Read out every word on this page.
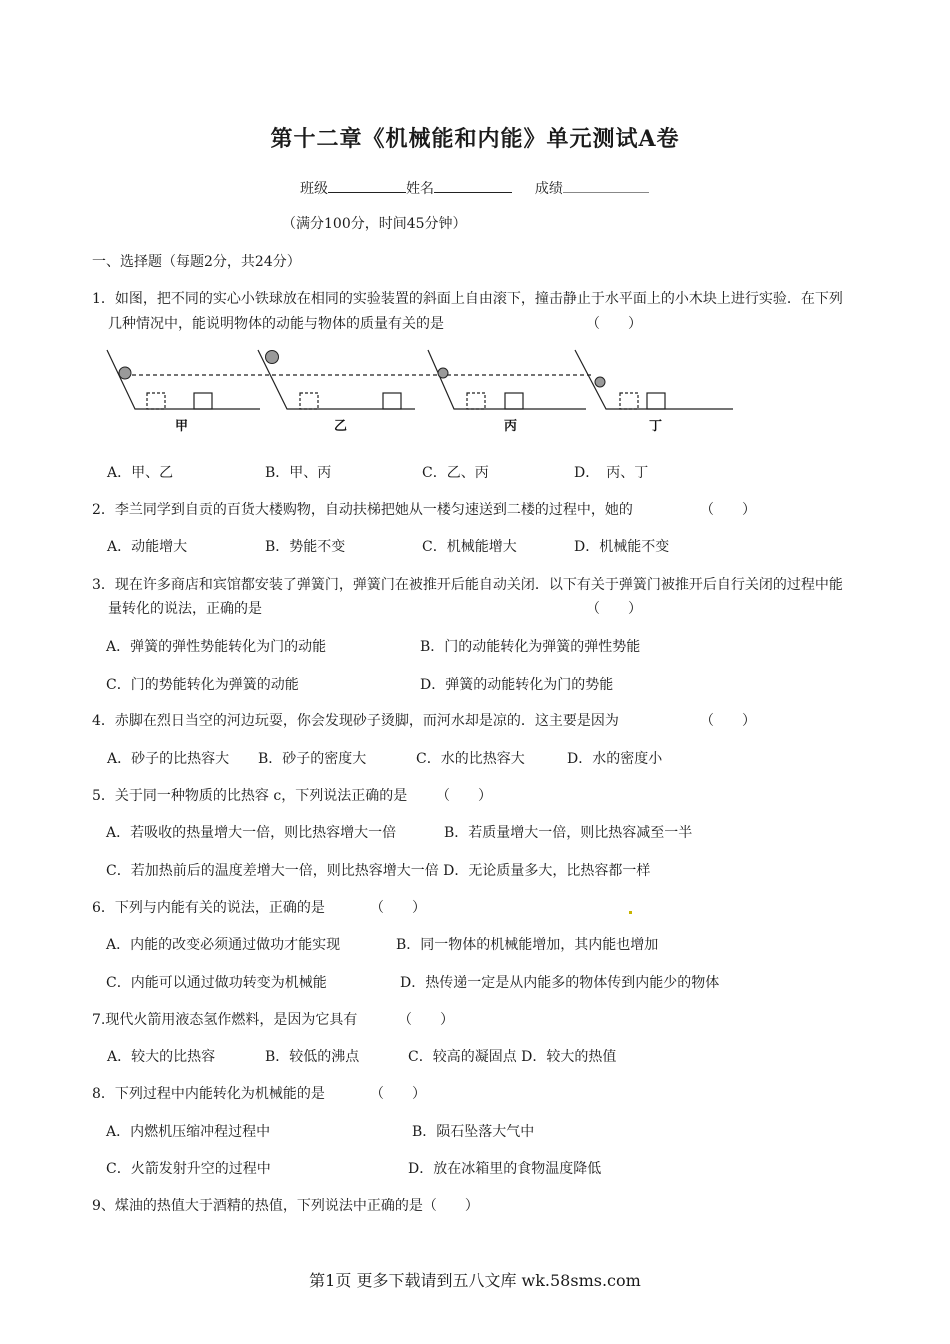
第十二章《机械能和内能》单元测试A卷
班级	姓名	成绩
（满分100分，时间45分钟）
一、选择题（每题2分，共24分）
1．如图，把不同的实心小铁球放在相同的实验装置的斜面上自由滚下，撞击静止于水平面上的小木块上进行实验．在下列
几种情况中，能说明物体的动能与物体的质量有关的是	（　　）
甲	乙	丙	丁
A．甲、乙	B．甲、丙	C．乙、丙	D．　丙、丁
2．李兰同学到自贡的百货大楼购物，自动扶梯把她从一楼匀速送到二楼的过程中，她的	（　　）
A．动能增大	B．势能不变	C．机械能增大	D．机械能不变
3．现在许多商店和宾馆都安装了弹簧门，弹簧门在被推开后能自动关闭．以下有关于弹簧门被推开后自行关闭的过程中能
量转化的说法，正确的是	（　　）
A．弹簧的弹性势能转化为门的动能	B．门的动能转化为弹簧的弹性势能
C．门的势能转化为弹簧的动能	D．弹簧的动能转化为门的势能
4．赤脚在烈日当空的河边玩耍，你会发现砂子烫脚，而河水却是凉的．这主要是因为	（　　）
A．砂子的比热容大 B．砂子的密度大	C．水的比热容大	D．水的密度小
5．关于同一种物质的比热容 c，下列说法正确的是 （　　）
A．若吸收的热量增大一倍，则比热容增大一倍	B．若质量增大一倍，则比热容减至一半
C．若加热前后的温度差增大一倍，则比热容增大一倍 D．无论质量多大，比热容都一样
6．下列与内能有关的说法，正确的是	（　　）
A．内能的改变必须通过做功才能实现	B．同一物体的机械能增加，其内能也增加
C．内能可以通过做功转变为机械能	D．热传递一定是从内能多的物体传到内能少的物体
7.现代火箭用液态氢作燃料，是因为它具有	（　　）
A．较大的比热容	B．较低的沸点	C．较高的凝固点 D．较大的热值
8．下列过程中内能转化为机械能的是	（　　）
A．内燃机压缩冲程过程中	B．陨石坠落大气中
C．火箭发射升空的过程中	D．放在冰箱里的食物温度降低
9、煤油的热值大于酒精的热值，下列说法中正确的是（　　）
第1页 更多下载请到五八文库 wk.58sms.com
